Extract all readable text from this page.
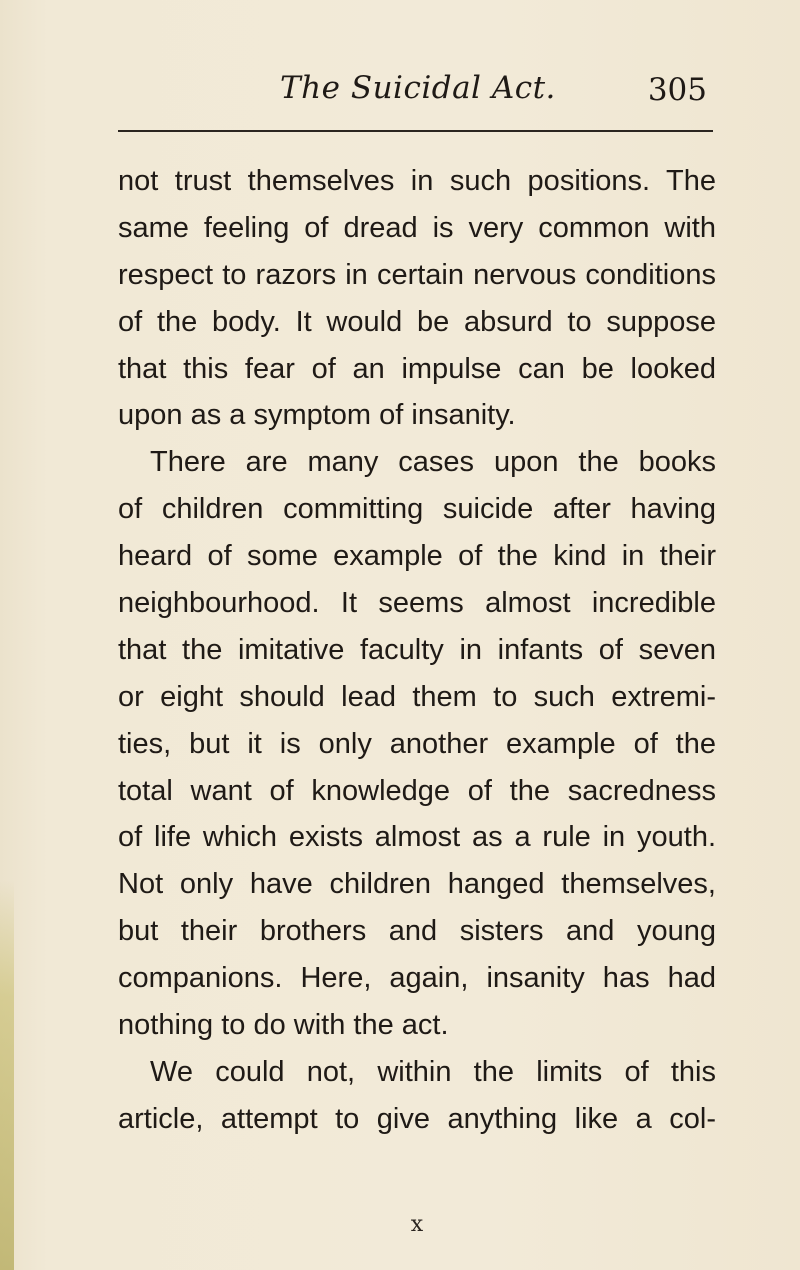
The Suicidal Act.	305
not trust themselves in such positions. The
same feeling of dread is very common with
respect to razors in certain nervous conditions
of the body. It would be absurd to suppose
that this fear of an impulse can be looked
upon as a symptom of insanity.
There are many cases upon the books
of children committing suicide after having
heard of some example of the kind in their
neighbourhood. It seems almost incredible
that the imitative faculty in infants of seven
or eight should lead them to such extremi-
ties, but it is only another example of the
total want of knowledge of the sacredness
of life which exists almost as a rule in youth.
Not only have children hanged themselves,
but their brothers and sisters and young
companions. Here, again, insanity has had
nothing to do with the act.
We could not, within the limits of this
article, attempt to give anything like a col-
x
